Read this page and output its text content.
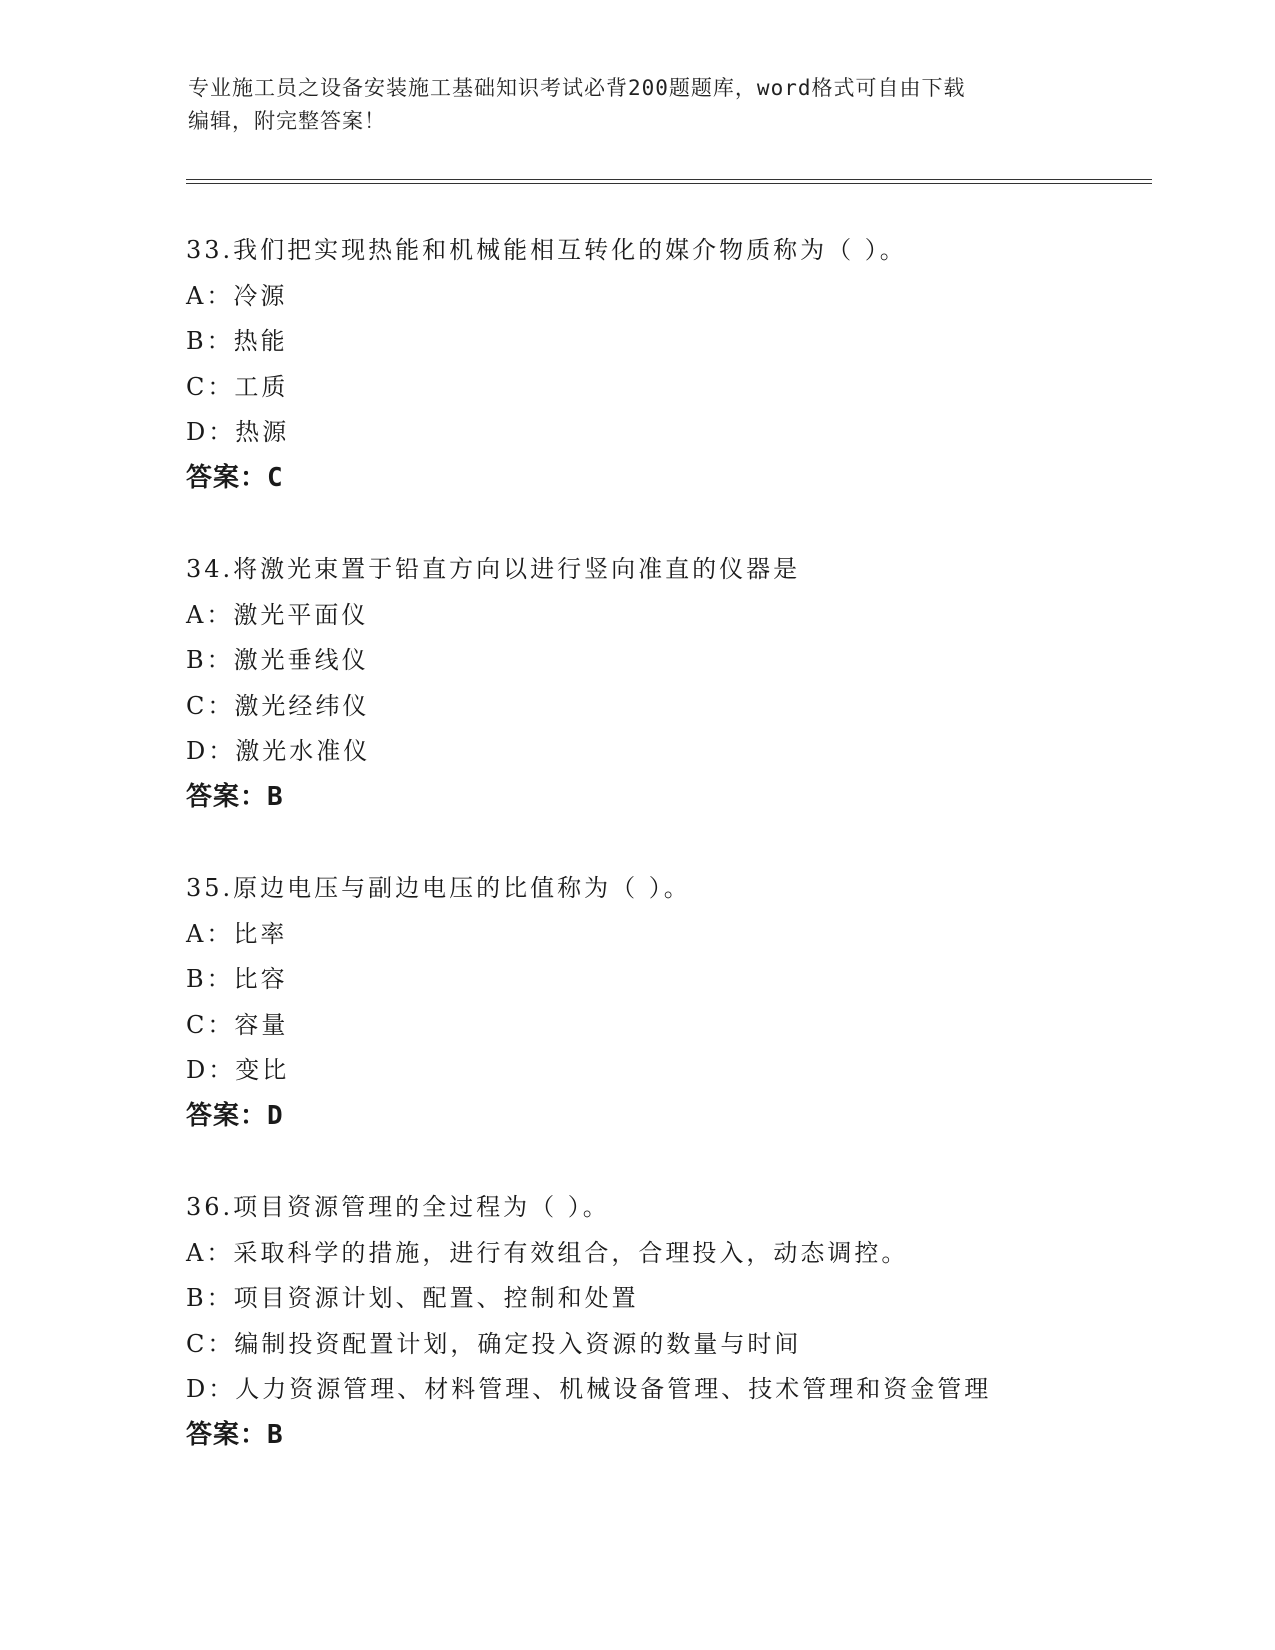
专业施工员之设备安装施工基础知识考试必背200题题库，word格式可自由下载
编辑，附完整答案！
33.我们把实现热能和机械能相互转化的媒介物质称为（ ）。
A：冷源
B：热能
C：工质
D：热源
答案：C
34.将激光束置于铅直方向以进行竖向准直的仪器是
A：激光平面仪
B：激光垂线仪
C：激光经纬仪
D：激光水准仪
答案：B
35.原边电压与副边电压的比值称为（ ）。
A：比率
B：比容
C：容量
D：变比
答案：D
36.项目资源管理的全过程为（ ）。
A：采取科学的措施，进行有效组合，合理投入，动态调控。
B：项目资源计划、配置、控制和处置
C：编制投资配置计划，确定投入资源的数量与时间
D：人力资源管理、材料管理、机械设备管理、技术管理和资金管理
答案：B
